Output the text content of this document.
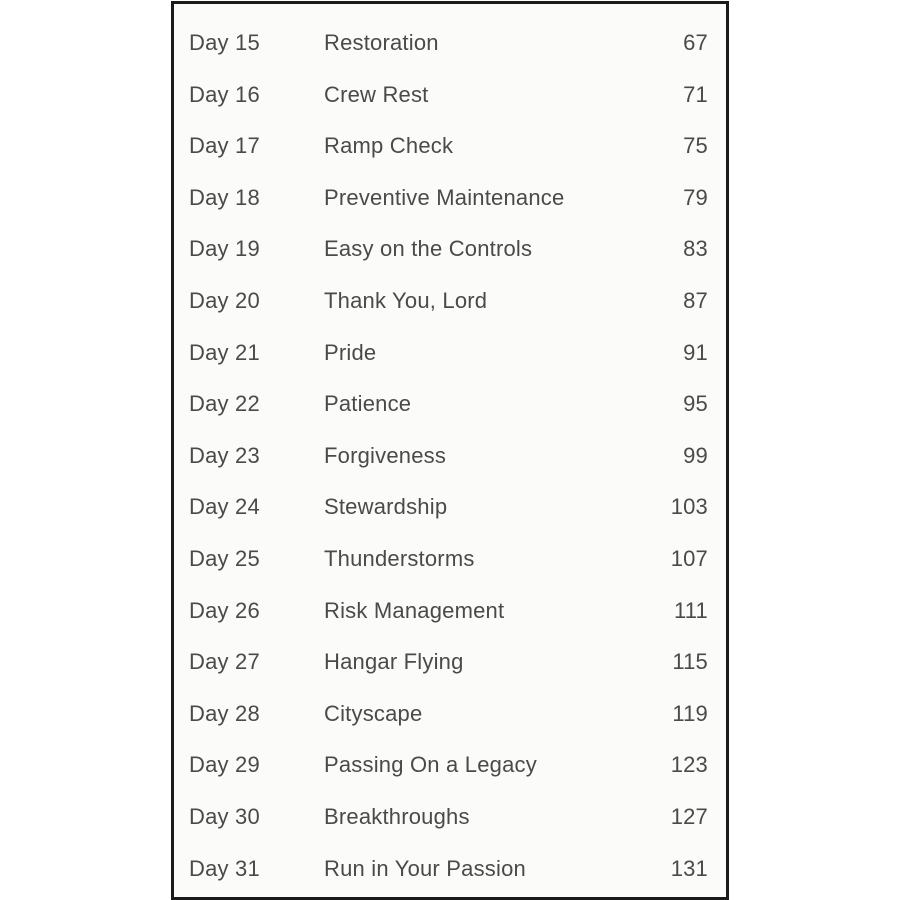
Day 15	Restoration	67
Day 16	Crew Rest	71
Day 17	Ramp Check	75
Day 18	Preventive Maintenance	79
Day 19	Easy on the Controls	83
Day 20	Thank You, Lord	87
Day 21	Pride	91
Day 22	Patience	95
Day 23	Forgiveness	99
Day 24	Stewardship	103
Day 25	Thunderstorms	107
Day 26	Risk Management	111
Day 27	Hangar Flying	115
Day 28	Cityscape	119
Day 29	Passing On a Legacy	123
Day 30	Breakthroughs	127
Day 31	Run in Your Passion	131
